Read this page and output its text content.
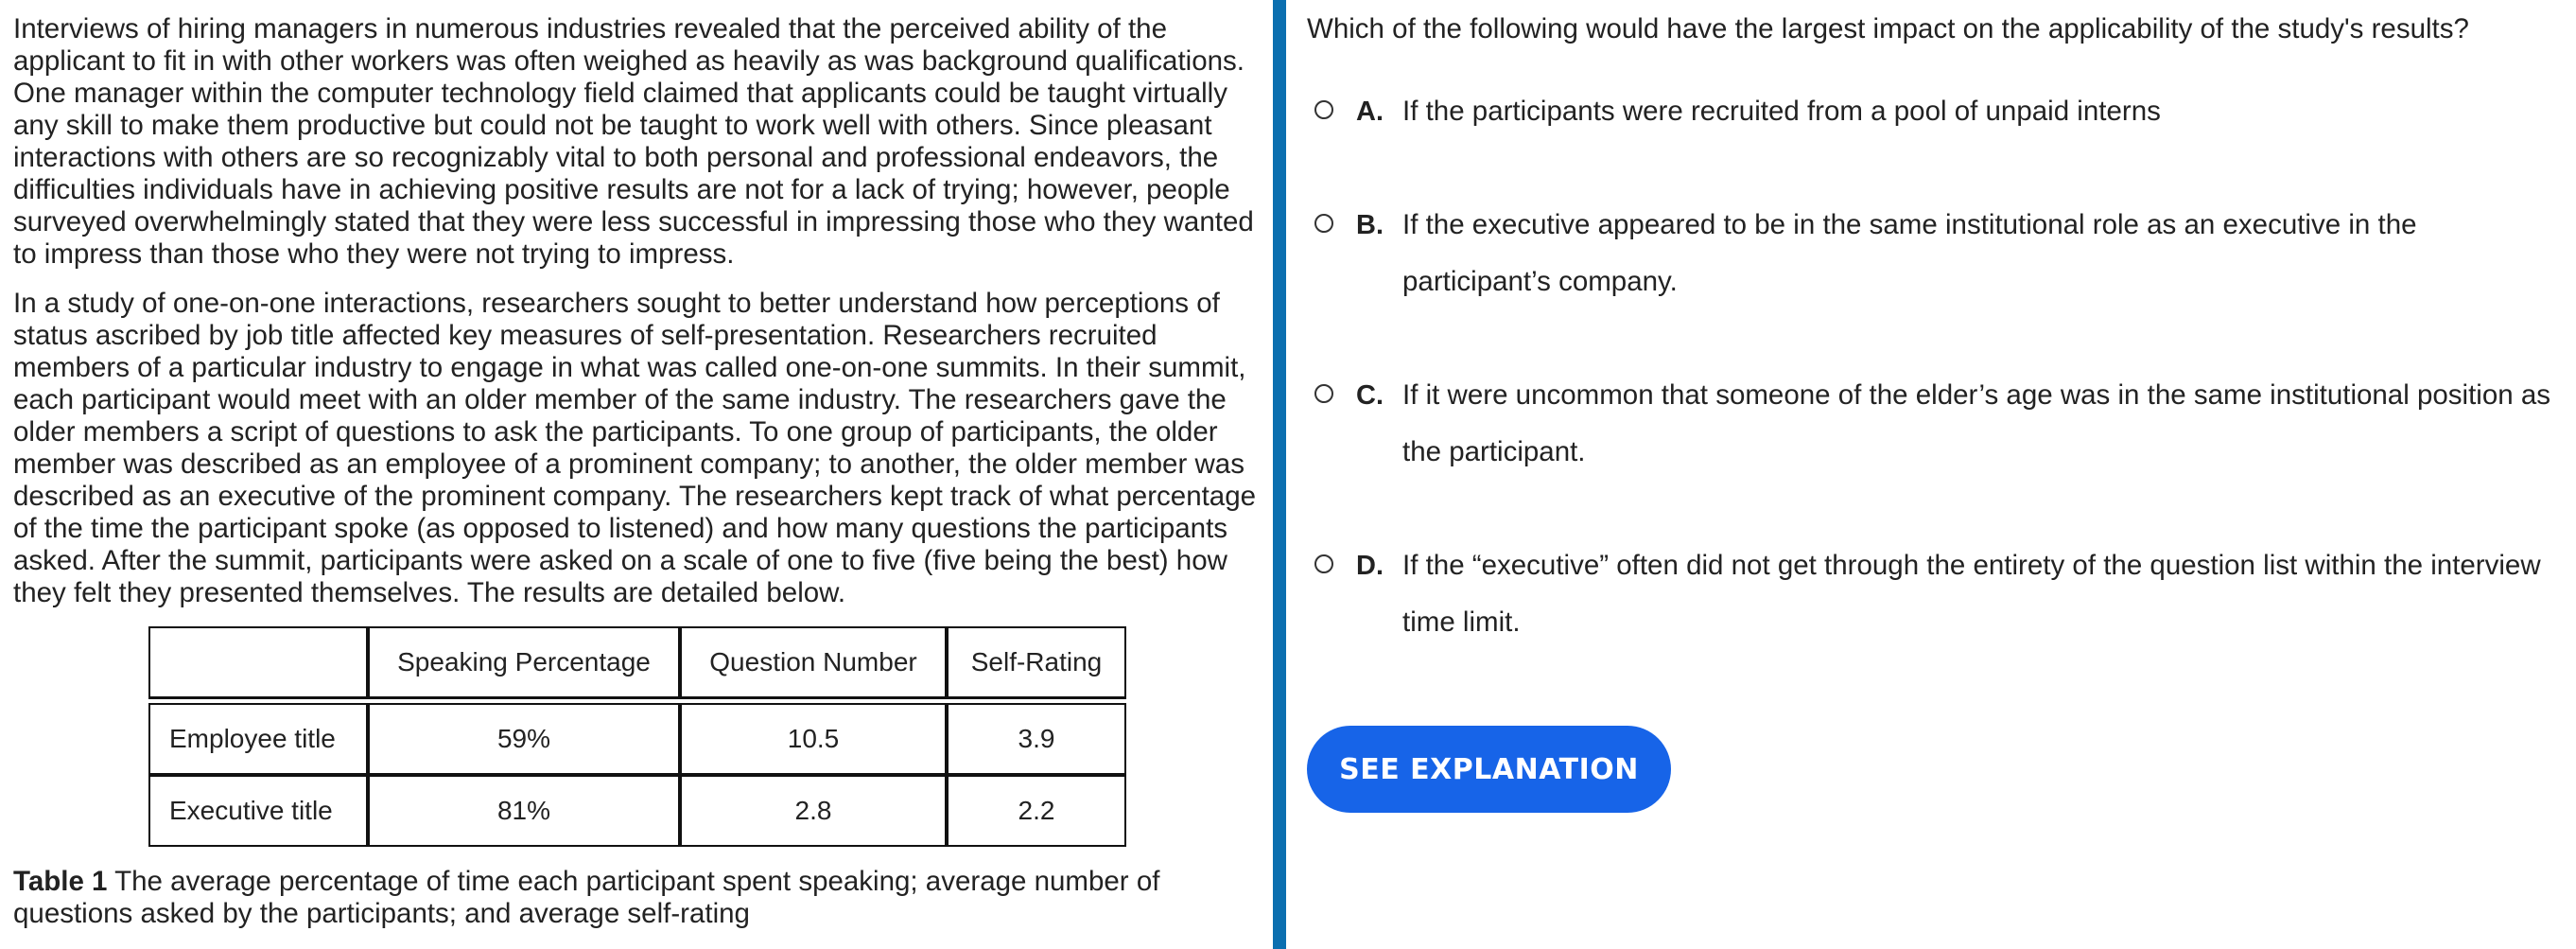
Interviews of hiring managers in numerous industries revealed that the perceived ability of the applicant to fit in with other workers was often weighed as heavily as was background qualifications. One manager within the computer technology field claimed that applicants could be taught virtually any skill to make them productive but could not be taught to work well with others. Since pleasant interactions with others are so recognizably vital to both personal and professional endeavors, the difficulties individuals have in achieving positive results are not for a lack of trying; however, people surveyed overwhelmingly stated that they were less successful in impressing those who they wanted to impress than those who they were not trying to impress.

In a study of one-on-one interactions, researchers sought to better understand how perceptions of status ascribed by job title affected key measures of self-presentation. Researchers recruited members of a particular industry to engage in what was called one-on-one summits. In their summit, each participant would meet with an older member of the same industry. The researchers gave the older members a script of questions to ask the participants. To one group of participants, the older member was described as an employee of a prominent company; to another, the older member was described as an executive of the prominent company. The researchers kept track of what percentage of the time the participant spoke (as opposed to listened) and how many questions the participants asked. After the summit, participants were asked on a scale of one to five (five being the best) how they felt they presented themselves. The results are detailed below.

	Speaking Percentage	Question Number	Self-Rating

Employee title	59%	10.5	3.9
Executive title	81%	2.8	2.2
Table 1 The average percentage of time each participant spent speaking; average number of questions asked by the participants; and average self-rating
Which of the following would have the largest impact on the applicability of the study's results?
A. If the participants were recruited from a pool of unpaid interns
B. If the executive appeared to be in the same institutional role as an executive in the participant’s company.
C. If it were uncommon that someone of the elder’s age was in the same institutional position as the participant.
D. If the “executive” often did not get through the entirety of the question list within the interview time limit.
SEE EXPLANATION
